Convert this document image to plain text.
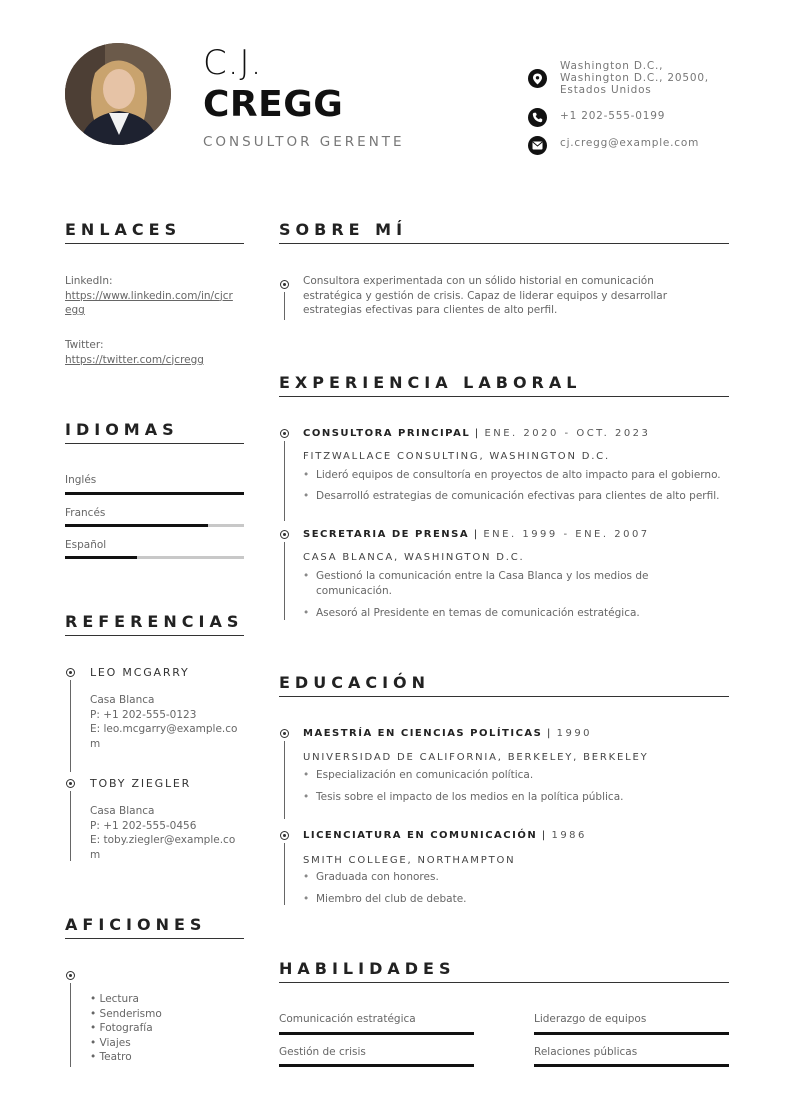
C.J.
CREGG
CONSULTOR GERENTE
Washington D.C.,
Washington D.C., 20500,
Estados Unidos
+1 202-555-0199
cj.cregg@example.com
ENLACES
LinkedIn:
https://www.linkedin.com/in/cjcr
egg
Twitter:
https://twitter.com/cjcregg
IDIOMAS
Inglés
Francés
Español
REFERENCIAS
LEO MCGARRY
Casa Blanca
P: +1 202-555-0123
E: leo.mcgarry@example.co
m
TOBY ZIEGLER
Casa Blanca
P: +1 202-555-0456
E: toby.ziegler@example.co
m
AFICIONES
• Lectura
• Senderismo
• Fotografía
• Viajes
• Teatro
SOBRE MÍ
Consultora experimentada con un sólido historial en comunicación
estratégica y gestión de crisis. Capaz de liderar equipos y desarrollar
estrategias efectivas para clientes de alto perfil.
EXPERIENCIA LABORAL
CONSULTORA PRINCIPAL | ENE. 2020 - OCT. 2023
FITZWALLACE CONSULTING, WASHINGTON D.C.
• Lideró equipos de consultoría en proyectos de alto impacto para el gobierno.
• Desarrolló estrategias de comunicación efectivas para clientes de alto perfil.
SECRETARIA DE PRENSA | ENE. 1999 - ENE. 2007
CASA BLANCA, WASHINGTON D.C.
• Gestionó la comunicación entre la Casa Blanca y los medios de
comunicación.
• Asesoró al Presidente en temas de comunicación estratégica.
EDUCACIÓN
MAESTRÍA EN CIENCIAS POLÍTICAS | 1990
UNIVERSIDAD DE CALIFORNIA, BERKELEY, BERKELEY
• Especialización en comunicación política.
• Tesis sobre el impacto de los medios en la política pública.
LICENCIATURA EN COMUNICACIÓN | 1986
SMITH COLLEGE, NORTHAMPTON
• Graduada con honores.
• Miembro del club de debate.
HABILIDADES
Comunicación estratégica	Liderazgo de equipos
Gestión de crisis	Relaciones públicas
